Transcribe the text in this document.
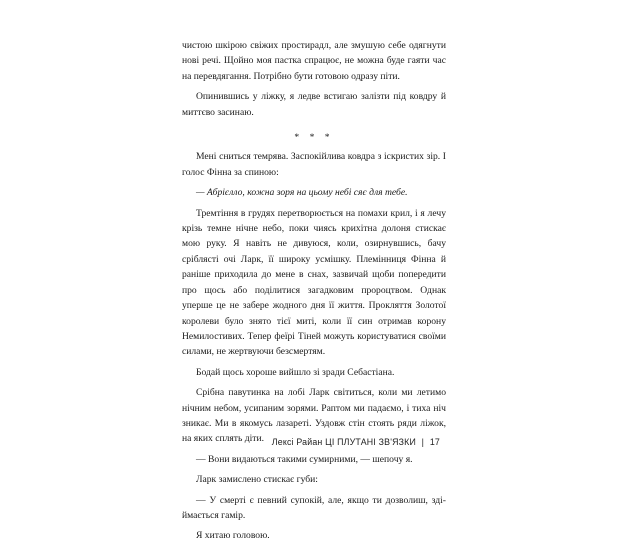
чистою шкірою свіжих простирадл, але змушую себе одягнути нові речі. Щойно моя пастка спрацює, не можна буде гаяти час на перевдягання. Потрібно бути готовою одразу піти.

Опинившись у ліжку, я ледве встигаю залізти під ковдру й миттєво засинаю.

* * *

Мені сниться темрява. Заспокійлива ковдра з іскристих зір. І голос Фінна за спиною:

— Абрієлло, кожна зоря на цьому небі сяє для тебе.

Тремтіння в грудях перетворюється на помахи крил, і я лечу крізь темне нічне небо, поки чиясь крихітна долоня стискає мою руку. Я навіть не дивуюся, коли, озирнувшись, бачу сріблясті очі Ларк, її широку усмішку. Племінниця Фінна й раніше приходила до мене в снах, зазвичай щоби попередити про щось або поділитися загадковим пророцтвом. Однак уперше це не забере жодного дня її життя. Прокляття Золотої королеви було знято тієї миті, коли її син отримав корону Немилостивих. Тепер феїрі Тіней можуть користуватися своїми силами, не жертвуючи безсмертям.

Бодай щось хороше вийшло зі зради Себастіана.

Срібна павутинка на лобі Ларк світиться, коли ми летимо нічним небом, усипаним зорями. Раптом ми падаємо, і тиха ніч зникає. Ми в якомусь лазареті. Уздовж стін стоять ряди ліжок, на яких сплять діти.

— Вони видаються такими сумирними, — шепочу я.

Ларк замислено стискає губи:

— У смерті є певний супокій, але, якщо ти дозволиш, здіймається гамір.

Я хитаю головою.

Лексі Райан ЦІ ПЛУТАНІ ЗВ'ЯЗКИ | 17
